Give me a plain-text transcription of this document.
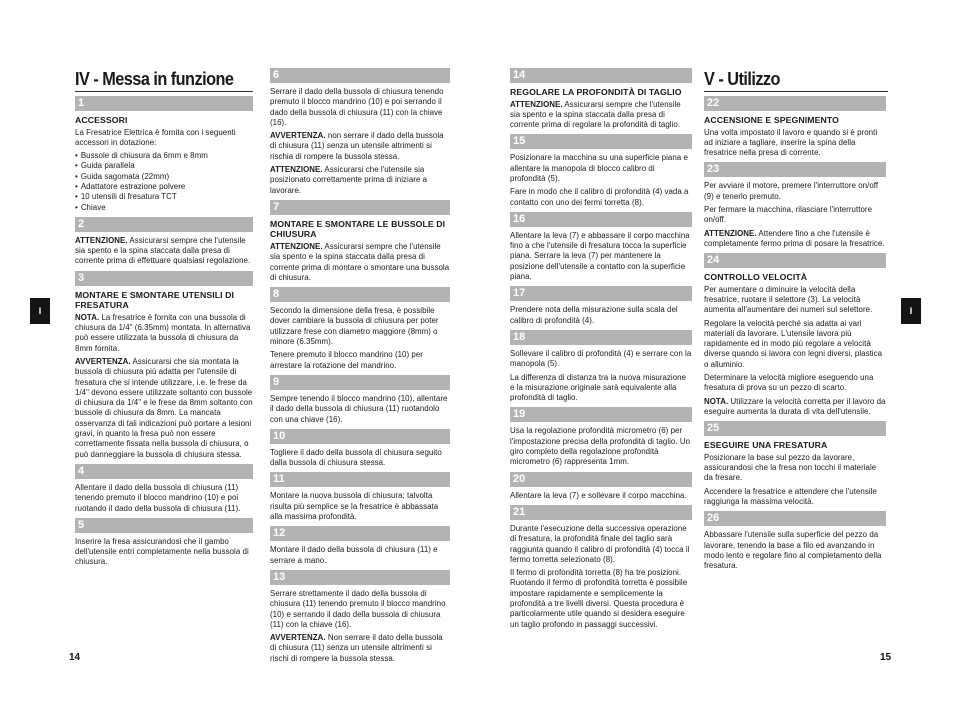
I	I
14	15
IV - Messa in funzione
1
ACCESSORI

La Fresatrice Elettrica è fornita con i seguenti accessori in dotazione:

• Bussole di chiusura da 6mm e 8mm
• Guida parallela
• Guida sagomata (22mm)
• Adattatore estrazione polvere
• 10 utensili di fresatura TCT
• Chiave
2

ATTENZIONE. Assicurarsi sempre che l'utensile sia spento e la spina staccata dalla presa di corrente prima di effettuare qualsiasi regolazione.

3
MONTARE E SMONTARE UTENSILI DI FRESATURA

NOTA. La fresatrice è fornita con una bussola di chiusura da 1/4" (6.35mm) montata. In alternativa può essere utilizzata la bussola di chiusura da 8mm fornita.

AVVERTENZA. Assicurarsi che sia montata la bussola di chiusura più adatta per l'utensile di fresatura che si intende utilizzare, i.e. le frese da 1/4" devono essere utilizzate soltanto con bussole di chiusura da 1/4" e le frese da 8mm soltanto con bussole di chiusura da 8mm. La mancata osservanza di tali indicazioni può portare a lesioni gravi, in quanto la fresa può non essere correttamente fissata nella bussola di chiusura, o può danneggiare la bussola di chiusura stessa.

4

Allentare il dado della bussola di chiusura (11) tenendo premuto il blocco mandrino (10) e poi ruotando il dado della bussola di chiusura (11).

5

Inserire la fresa assicurandosi che il gambo dell'utensile entri completamente nella bussola di chiusura.

6

Serrare il dado della bussola di chiusura tenendo premuto il blocco mandrino (10) e poi serrando il dado della bussola di chiusura (11) con la chiave (16).

AVVERTENZA. non serrare il dado della bussola di chiusura (11) senza un utensile altrimenti si rischia di rompere la bussola stessa.

ATTENZIONE. Assicurarsi che l'utensile sia posizionato correttamente prima di iniziare a lavorare.

7
MONTARE E SMONTARE LE BUSSOLE DI CHIUSURA

ATTENZIONE. Assicurarsi sempre che l'utensile sia spento e la spina staccata dalla presa di corrente prima di montare o smontare una bussola di chiusura.

8

Secondo la dimensione della fresa, è possibile dover cambiare la bussola di chiusura per poter utilizzare frese con diametro maggiore (8mm) o minore (6.35mm).

Tenere premuto il blocco mandrino (10) per arrestare la rotazione del mandrino.

9

Sempre tenendo il blocco mandrino (10), allentare il dado della bussola di chiusura (11) ruotandolo con una chiave (16).

10

Togliere il dado della bussola di chiusura seguito dalla bussola di chiusura stessa.

11

Montare la nuova bussola di chiusura; talvolta risulta più semplice se la fresatrice è abbassata alla massima profondità.

12

Montare il dado della bussola di chiusura (11) e serrare a mano.

13

Serrare strettamente il dado della bussola di chiusura (11) tenendo premuto il blocco mandrino (10) e serrando il dado della bussola di chiusura (11) con la chiave (16).

AVVERTENZA. Non serrare il dato della bussola di chiusura (11) senza un utensile altrimenti si rischi di rompere la bussola stessa.

14
REGOLARE LA PROFONDITÀ DI TAGLIO

ATTENZIONE. Assicurarsi sempre che l'utensile sia spento e la spina staccata dalla presa di corrente prima di regolare la profondità di taglio.

15

Posizionare la macchina su una superficie piana e allentare la manopola di blocco calibro di profondità (5).

Fare in modo che il calibro di profondità (4) vada a contatto con uno dei fermi torretta (8).

16

Allentare la leva (7) e abbassare il corpo macchina fino a che l'utensile di fresatura tocca la superficie piana. Serrare la leva (7) per mantenere la posizione dell'utensile a contatto con la superficie piana.

17

Prendere nota della misurazione sulla scala del calibro di profondità (4).

18

Sollevare il calibro di profondità (4) e serrare con la manopola (5).

La differenza di distanza tra la nuova misurazione e la misurazione originale sarà equivalente alla profondità di taglio.

19

Usa la regolazione profondità micrometro (6) per l'impostazione precisa della profondità di taglio. Un giro completo della regolazione profondità micrometro (6) rappresenta 1mm.

20

Allentare la leva (7) e sollevare il corpo macchina.

21

Durante l'esecuzione della successiva operazione di fresatura, la profondità finale del taglio sarà raggiunta quando il calibro di profondità (4) tocca il fermo torretta selezionato (8).

Il fermo di profondità torretta (8) ha tre posizioni. Ruotando il fermo di profondità torretta è possibile impostare rapidamente e semplicemente la profondità a tre livelli diversi. Questa procedura è particolarmente utile quando si desidera eseguire un taglio profondo in passaggi successivi.

V - Utilizzo
22
ACCENSIONE E SPEGNIMENTO

Una volta impostato il lavoro e quando si è pronti ad iniziare a tagliare, inserire la spina della fresatrice nella presa di corrente.

23

Per avviare il motore, premere l'interruttore on/off (9) e tenerlo premuto.

Per fermare la macchina, rilasciare l'interruttore on/off.

ATTENZIONE. Attendere fino a che l'utensile è completamente fermo prima di posare la fresatrice.

24
CONTROLLO VELOCITÀ

Per aumentare o diminuire la velocità della fresatrice, ruotare il selettore (3). La velocità aumenta all'aumentare dei numeri sul selettore.

Regolare la velocità perché sia adatta ai vari materiali da lavorare. L'utensile lavora più rapidamente ed in modo più regolare a velocità diverse quando si lavora con legni diversi, plastica o alluminio.

Determinare la velocità migliore eseguendo una fresatura di prova su un pezzo di scarto.

NOTA. Utilizzare la velocità corretta per il lavoro da eseguire aumenta la durata di vita dell'utensile.

25
ESEGUIRE UNA FRESATURA

Posizionare la base sul pezzo da lavorare, assicurandosi che la fresa non tocchi il materiale da fresare.

Accendere la fresatrice e attendere che l'utensile raggiunga la massima velocità.

26

Abbassare l'utensile sulla superficie del pezzo da lavorare, tenendo la base a filo ed avanzando in modo lento e regolare fino al completamento della fresatura.
